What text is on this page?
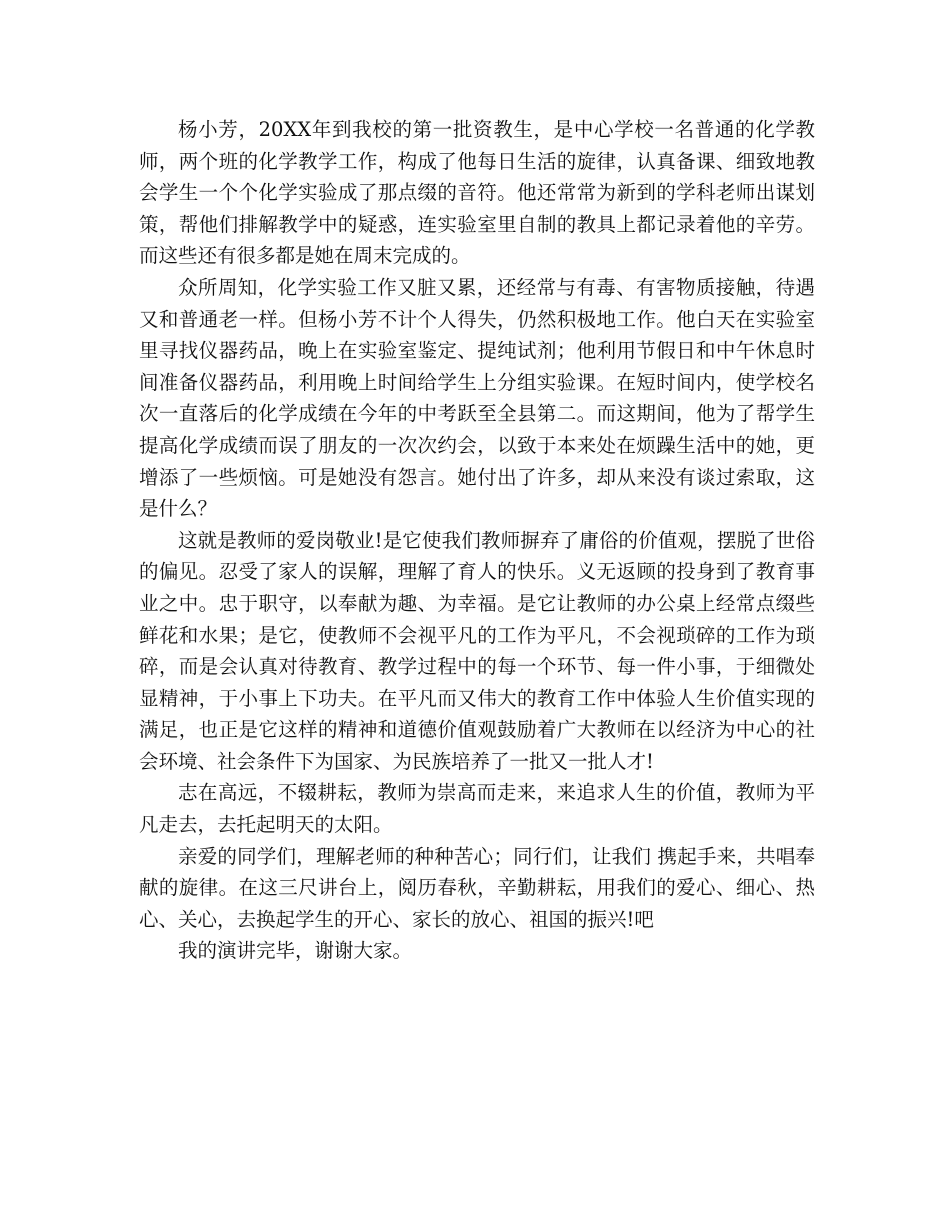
杨小芳，20XX年到我校的第一批资教生，是中心学校一名普通的化学教师，两个班的化学教学工作，构成了他每日生活的旋律，认真备课、细致地教会学生一个个化学实验成了那点缀的音符。他还常常为新到的学科老师出谋划策，帮他们排解教学中的疑惑，连实验室里自制的教具上都记录着他的辛劳。而这些还有很多都是她在周末完成的。

众所周知，化学实验工作又脏又累，还经常与有毒、有害物质接触，待遇又和普通老一样。但杨小芳不计个人得失，仍然积极地工作。他白天在实验室里寻找仪器药品，晚上在实验室鉴定、提纯试剂；他利用节假日和中午休息时间准备仪器药品，利用晚上时间给学生上分组实验课。在短时间内，使学校名次一直落后的化学成绩在今年的中考跃至全县第二。而这期间，他为了帮学生提高化学成绩而误了朋友的一次次约会，以致于本来处在烦躁生活中的她，更增添了一些烦恼。可是她没有怨言。她付出了许多，却从来没有谈过索取，这是什么？

这就是教师的爱岗敬业!是它使我们教师摒弃了庸俗的价值观，摆脱了世俗的偏见。忍受了家人的误解，理解了育人的快乐。义无返顾的投身到了教育事业之中。忠于职守，以奉献为趣、为幸福。是它让教师的办公桌上经常点缀些鲜花和水果；是它，使教师不会视平凡的工作为平凡，不会视琐碎的工作为琐碎，而是会认真对待教育、教学过程中的每一个环节、每一件小事，于细微处显精神，于小事上下功夫。在平凡而又伟大的教育工作中体验人生价值实现的满足，也正是它这样的精神和道德价值观鼓励着广大教师在以经济为中心的社会环境、社会条件下为国家、为民族培养了一批又一批人才!

志在高远，不辍耕耘，教师为崇高而走来，来追求人生的价值，教师为平凡走去，去托起明天的太阳。

亲爱的同学们，理解老师的种种苦心；同行们，让我们 携起手来，共唱奉献的旋律。在这三尺讲台上，阅历春秋，辛勤耕耘，用我们的爱心、细心、热心、关心，去换起学生的开心、家长的放心、祖国的振兴!吧

我的演讲完毕，谢谢大家。
